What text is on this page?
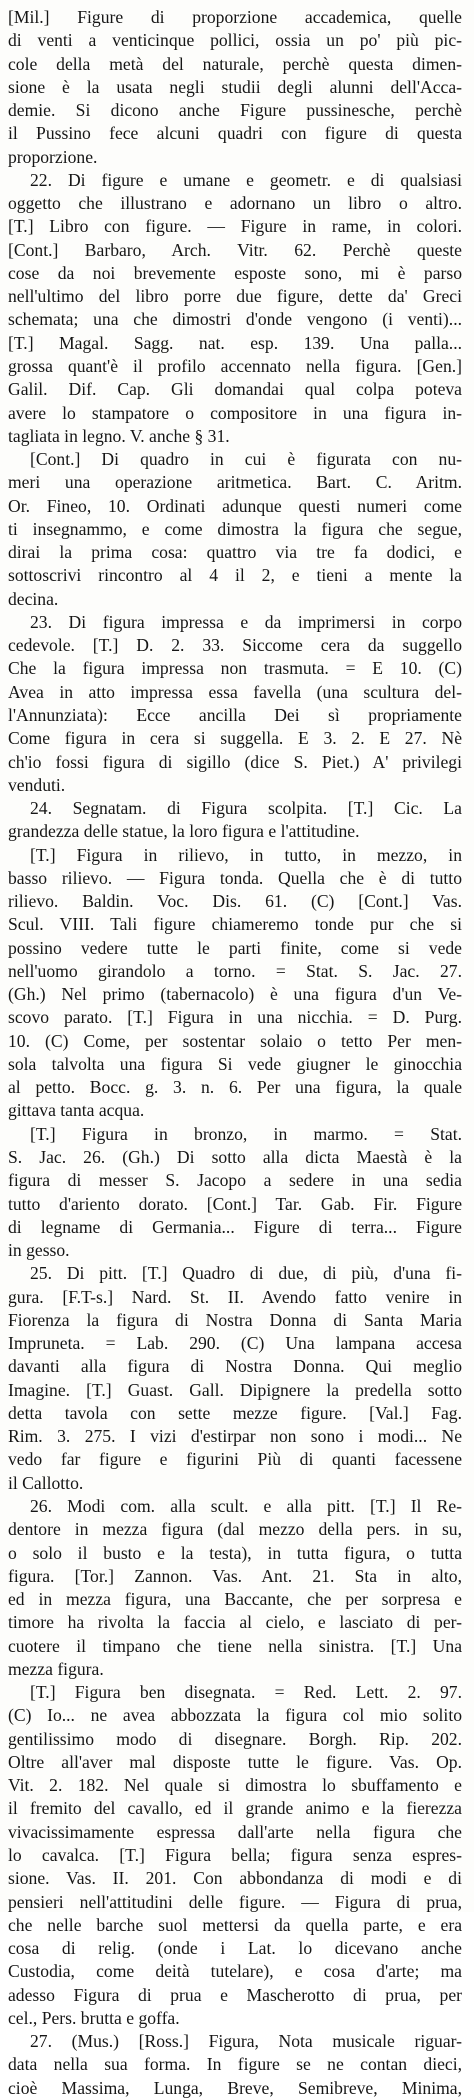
[Mil.] Figure di proporzione accademica, quelle
di venti a venticinque pollici, ossia un po' più pic-
cole della metà del naturale, perchè questa dimen-
sione è la usata negli studii degli alunni dell'Acca-
demie. Si dicono anche Figure pussinesche, perchè
il Pussino fece alcuni quadri con figure di questa
proporzione.
22. Di figure e umane e geometr. e di qualsiasi
oggetto che illustrano e adornano un libro o altro.
[T.] Libro con figure. — Figure in rame, in colori.
[Cont.] Barbaro, Arch. Vitr. 62. Perchè queste
cose da noi brevemente esposte sono, mi è parso
nell'ultimo del libro porre due figure, dette da' Greci
schemata; una che dimostri d'onde vengono (i venti)...
[T.] Magal. Sagg. nat. esp. 139. Una palla...
grossa quant'è il profilo accennato nella figura. [Gen.]
Galil. Dif. Cap. Gli domandai qual colpa poteva
avere lo stampatore o compositore in una figura in-
tagliata in legno. V. anche § 31.
[Cont.] Di quadro in cui è figurata con nu-
meri una operazione aritmetica. Bart. C. Aritm.
Or. Fineo, 10. Ordinati adunque questi numeri come
ti insegnammo, e come dimostra la figura che segue,
dirai la prima cosa: quattro via tre fa dodici, e
sottoscrivi rincontro al 4 il 2, e tieni a mente la
decina.
23. Di figura impressa e da imprimersi in corpo
cedevole. [T.] D. 2. 33. Siccome cera da suggello
Che la figura impressa non trasmuta. = E 10. (C)
Avea in atto impressa essa favella (una scultura del-
l'Annunziata): Ecce ancilla Dei sì propriamente
Come figura in cera si suggella. E 3. 2. E 27. Nè
ch'io fossi figura di sigillo (dice S. Piet.) A' privilegi
venduti.
24. Segnatam. di Figura scolpita. [T.] Cic. La
grandezza delle statue, la loro figura e l'attitudine.
[T.] Figura in rilievo, in tutto, in mezzo, in
basso rilievo. — Figura tonda. Quella che è di tutto
rilievo. Baldin. Voc. Dis. 61. (C) [Cont.] Vas.
Scul. VIII. Tali figure chiameremo tonde pur che si
possino vedere tutte le parti finite, come si vede
nell'uomo girandolo a torno. = Stat. S. Jac. 27.
(Gh.) Nel primo (tabernacolo) è una figura d'un Ve-
scovo parato. [T.] Figura in una nicchia. = D. Purg.
10. (C) Come, per sostentar solaio o tetto Per men-
sola talvolta una figura Si vede giugner le ginocchia
al petto. Bocc. g. 3. n. 6. Per una figura, la quale
gittava tanta acqua.
[T.] Figura in bronzo, in marmo. = Stat.
S. Jac. 26. (Gh.) Di sotto alla dicta Maestà è la
figura di messer S. Jacopo a sedere in una sedia
tutto d'ariento dorato. [Cont.] Tar. Gab. Fir. Figure
di legname di Germania... Figure di terra... Figure
in gesso.
25. Di pitt. [T.] Quadro di due, di più, d'una fi-
gura. [F.T-s.] Nard. St. II. Avendo fatto venire in
Fiorenza la figura di Nostra Donna di Santa Maria
Impruneta. = Lab. 290. (C) Una lampana accesa
davanti alla figura di Nostra Donna. Qui meglio
Imagine. [T.] Guast. Gall. Dipignere la predella sotto
detta tavola con sette mezze figure. [Val.] Fag.
Rim. 3. 275. I vizi d'estirpar non sono i modi... Ne
vedo far figure e figurini Più di quanti facessene
il Callotto.
26. Modi com. alla scult. e alla pitt. [T.] Il Re-
dentore in mezza figura (dal mezzo della pers. in su,
o solo il busto e la testa), in tutta figura, o tutta
figura. [Tor.] Zannon. Vas. Ant. 21. Sta in alto,
ed in mezza figura, una Baccante, che per sorpresa e
timore ha rivolta la faccia al cielo, e lasciato di per-
cuotere il timpano che tiene nella sinistra. [T.] Una
mezza figura.
[T.] Figura ben disegnata. = Red. Lett. 2. 97.
(C) Io... ne avea abbozzata la figura col mio solito
gentilissimo modo di disegnare. Borgh. Rip. 202.
Oltre all'aver mal disposte tutte le figure. Vas. Op.
Vit. 2. 182. Nel quale si dimostra lo sbuffamento e
il fremito del cavallo, ed il grande animo e la fierezza
vivacissimamente espressa dall'arte nella figura che
lo cavalca. [T.] Figura bella; figura senza espres-
sione. Vas. II. 201. Con abbondanza di modi e di
pensieri nell'attitudini delle figure. — Figura di prua,
che nelle barche suol mettersi da quella parte, e era
cosa di relig. (onde i Lat. lo dicevano anche
Custodia, come deità tutelare), e cosa d'arte; ma
adesso Figura di prua e Mascherotto di prua, per
cel., Pers. brutta e goffa.
27. (Mus.) [Ross.] Figura, Nota musicale riguar-
data nella sua forma. In figure se ne contan dieci,
cioè Massima, Lunga, Breve, Semibreve, Minima,
